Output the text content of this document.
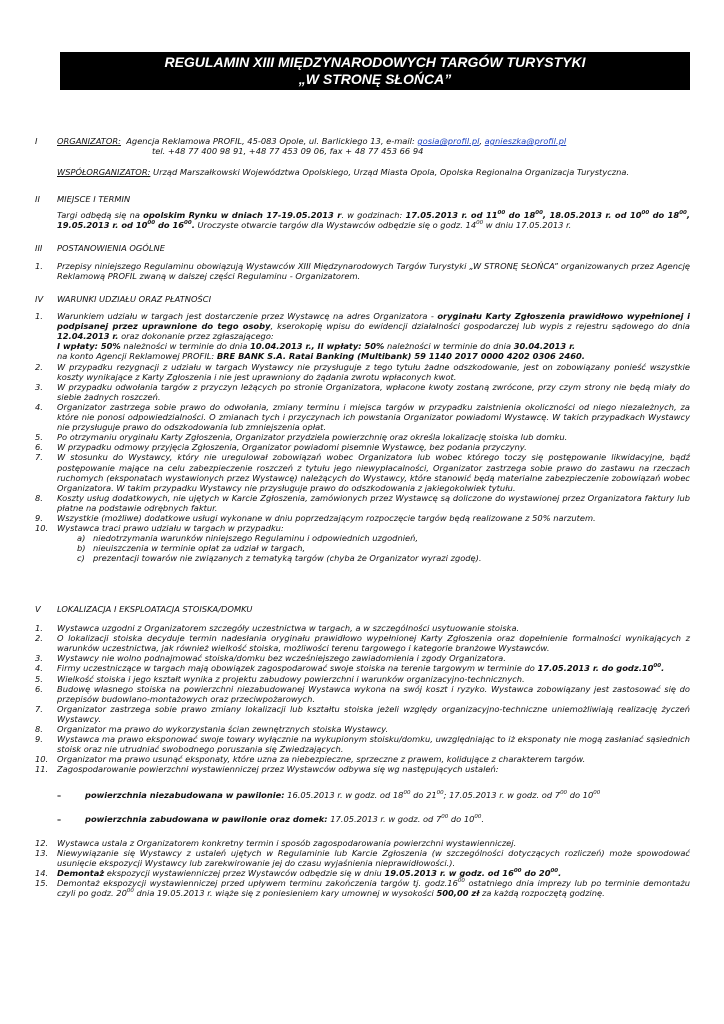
REGULAMIN XIII MIĘDZYNARODOWYCH TARGÓW TURYSTYKI
„W STRONĘ SŁOŃCA”
I	ORGANIZATOR: Agencja Reklamowa PROFIL, 45-083 Opole, ul. Barlickiego 13, e-mail: gosia@profil.pl, agnieszka@profil.pl
tel. +48 77 400 98 91, +48 77 453 09 06, fax + 48 77 453 66 94
WSPÓŁORGANIZATOR: Urząd Marszałkowski Województwa Opolskiego, Urząd Miasta Opola, Opolska Regionalna Organizacja Turystyczna.
II	MIEJSCE I TERMIN
Targi odbędą się na opolskim Rynku w dniach 17-19.05.2013 r. w godzinach: 17.05.2013 r. od $11^{00}$ do $18^{00}$, 18.05.2013 r. od $10^{00}$ do $18^{00}$, 19.05.2013 r. od $10^{00}$ do $16^{00}$. Uroczyste otwarcie targów dla Wystawców odbędzie się o godz. $14^{00}$ w dniu 17.05.2013 r.
III	POSTANOWIENIA OGÓLNE
1.	Przepisy niniejszego Regulaminu obowiązują Wystawców XIII Międzynarodowych Targów Turystyki „W STRONĘ SŁOŃCA” organizowanych przez Agencję Reklamową PROFIL zwaną w dalszej części Regulaminu - Organizatorem.
IV	WARUNKI UDZIAŁU ORAZ PŁATNOŚCI
1.	Warunkiem udziału w targach jest dostarczenie przez Wystawcę na adres Organizatora - oryginału Karty Zgłoszenia prawidłowo wypełnionej i podpisanej przez uprawnione do tego osoby, kserokopię wpisu do ewidencji działalności gospodarczej lub wypis z rejestru sądowego do dnia 12.04.2013 r. oraz dokonanie przez zgłaszającego:
I wpłaty: 50% należności w terminie do dnia 10.04.2013 r., II wpłaty: 50% należności w terminie do dnia 30.04.2013 r.
na konto Agencji Reklamowej PROFIL: BRE BANK S.A. Ratai Banking (Multibank) 59 1140 2017 0000 4202 0306 2460.
2.	W przypadku rezygnacji z udziału w targach Wystawcy nie przysługuje z tego tytułu żadne odszkodowanie, jest on zobowiązany ponieść wszystkie koszty wynikające z Karty Zgłoszenia i nie jest uprawniony do żądania zwrotu wpłaconych kwot.
3.	W przypadku odwołania targów z przyczyn leżących po stronie Organizatora, wpłacone kwoty zostaną zwrócone, przy czym strony nie będą miały do siebie żadnych roszczeń.
4.	Organizator zastrzega sobie prawo do odwołania, zmiany terminu i miejsca targów w przypadku zaistnienia okoliczności od niego niezależnych, za które nie ponosi odpowiedzialności. O zmianach tych i przyczynach ich powstania Organizator powiadomi Wystawcę. W takich przypadkach Wystawcy nie przysługuje prawo do odszkodowania lub zmniejszenia opłat.
5.	Po otrzymaniu oryginału Karty Zgłoszenia, Organizator przydziela powierzchnię oraz określa lokalizację stoiska lub domku.
6.	W przypadku odmowy przyjęcia Zgłoszenia, Organizator powiadomi pisemnie Wystawcę, bez podania przyczyny.
7.	W stosunku do Wystawcy, który nie uregulował zobowiązań wobec Organizatora lub wobec którego toczy się postępowanie likwidacyjne, bądź postępowanie mające na celu zabezpieczenie roszczeń z tytułu jego niewypłacalności, Organizator zastrzega sobie prawo do zastawu na rzeczach ruchomych (eksponatach wystawionych przez Wystawcę) należących do Wystawcy, które stanowić będą materialne zabezpieczenie zobowiązań wobec Organizatora. W takim przypadku Wystawcy nie przysługuje prawo do odszkodowania z jakiegokolwiek tytułu.
8.	Koszty usług dodatkowych, nie ujętych w Karcie Zgłoszenia, zamówionych przez Wystawcę są doliczone do wystawionej przez Organizatora faktury lub płatne na podstawie odrębnych faktur.
9.	Wszystkie (możliwe) dodatkowe usługi wykonane w dniu poprzedzającym rozpoczęcie targów będą realizowane z 50% narzutem.
10.	Wystawca traci prawo udziału w targach w przypadku:
a) niedotrzymania warunków niniejszego Regulaminu i odpowiednich uzgodnień,
b) nieuiszczenia w terminie opłat za udział w targach,
c) prezentacji towarów nie związanych z tematyką targów (chyba że Organizator wyrazi zgodę).
V	LOKALIZACJA I EKSPLOATACJA STOISKA/DOMKU
1.	Wystawca uzgodni z Organizatorem szczegóły uczestnictwa w targach, a w szczególności usytuowanie stoiska.
2.	O lokalizacji stoiska decyduje termin nadesłania oryginału prawidłowo wypełnionej Karty Zgłoszenia oraz dopełnienie formalności wynikających z warunków uczestnictwa, jak również wielkość stoiska, możliwości terenu targowego i kategorie branżowe Wystawców.
3.	Wystawcy nie wolno podnajmować stoiska/domku bez wcześniejszego zawiadomienia i zgody Organizatora.
4.	Firmy uczestniczące w targach mają obowiązek zagospodarować swoje stoiska na terenie targowym w terminie do 17.05.2013 r. do $godz.10^{00}$.
5.	Wielkość stoiska i jego kształt wynika z projektu zabudowy powierzchni i warunków organizacyjno-technicznych.
6.	Budowę własnego stoiska na powierzchni niezabudowanej Wystawca wykona na swój koszt i ryzyko. Wystawca zobowiązany jest zastosować się do przepisów budowlano-montażowych oraz przeciwpożarowych.
7.	Organizator zastrzega sobie prawo zmiany lokalizacji lub kształtu stoiska jeżeli względy organizacyjno-techniczne uniemożliwiają realizację życzeń Wystawcy.
8.	Organizator ma prawo do wykorzystania ścian zewnętrznych stoiska Wystawcy.
9.	Wystawca ma prawo eksponować swoje towary wyłącznie na wykupionym stoisku/domku, uwzględniając to iż eksponaty nie mogą zasłaniać sąsiednich stoisk oraz nie utrudniać swobodnego poruszania się Zwiedzających.
10.	Organizator ma prawo usunąć eksponaty, które uzna za niebezpieczne, sprzeczne z prawem, kolidujące z charakterem targów.
11.	Zagospodarowanie powierzchni wystawienniczej przez Wystawców odbywa się wg następujących ustaleń:
–	powierzchnia niezabudowana w pawilonie: 16.05.2013 r. w godz. od $18^{00}$ do $21^{00}$; 17.05.2013 r. w godz. od $7^{00}$ do $10^{00}$
–	powierzchnia zabudowana w pawilonie oraz domek: 17.05.2013 r. w godz. od $7^{00}$ do $10^{00}$.
12.	Wystawca ustala z Organizatorem konkretny termin i sposób zagospodarowania powierzchni wystawienniczej.
13.	Niewywiązanie się Wystawcy z ustaleń ujętych w Regulaminie lub Karcie Zgłoszenia (w szczególności dotyczących rozliczeń) może spowodować usunięcie ekspozycji Wystawcy lub zarekwirowanie jej do czasu wyjaśnienia nieprawidłowości.).
14.	Demontaż ekspozycji wystawienniczej przez Wystawców odbędzie się w dniu 19.05.2013 r. w godz. od $16^{00}$ do $20^{00}$.
15.	Demontaż ekspozycji wystawienniczej przed upływem terminu zakończenia targów tj. $godz.16^{00}$ ostatniego dnia imprezy lub po terminie demontażu czyli po godz. $20^{00}$ dnia 19.05.2013 r. wiąże się z poniesieniem kary umownej w wysokości 500,00 zł za każdą rozpoczętą godzinę.
